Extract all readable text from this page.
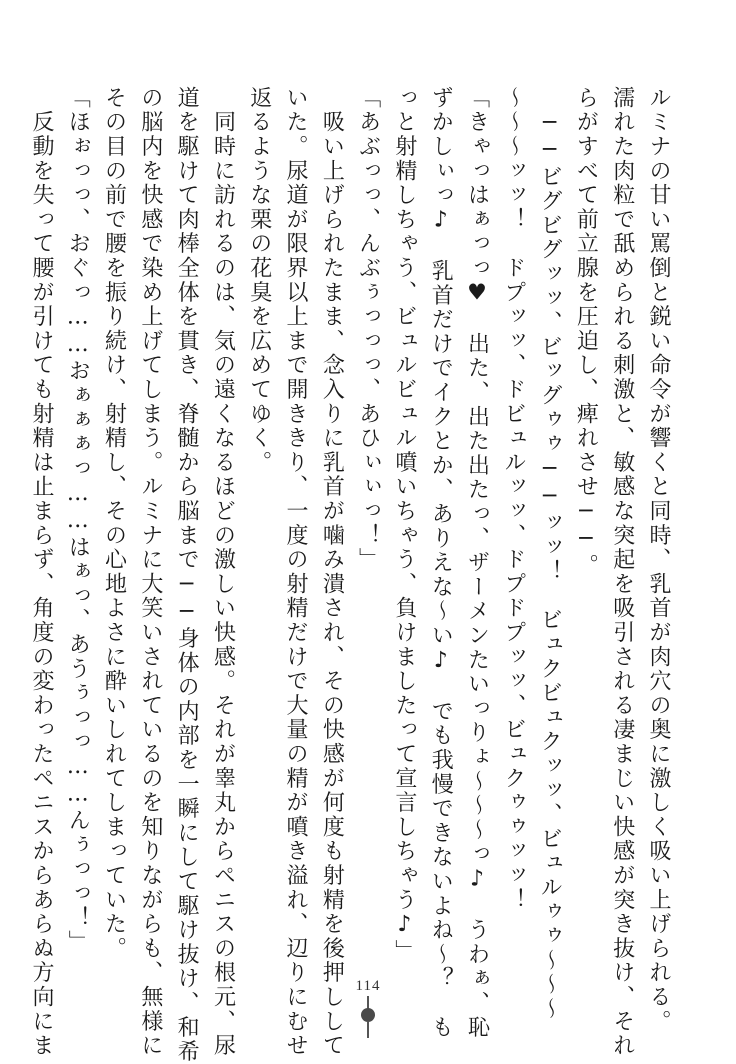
ルミナの甘い罵倒と鋭い命令が響くと同時、乳首が肉穴の奥に激しく吸い上げられる。
濡れた肉粒で舐められる刺激と、敏感な突起を吸引される凄まじい快感が突き抜け、それ
らがすべて前立腺を圧迫し、痺れさせ──。
　──ビグビグッッ、ビッグゥゥ──ッッ！　ビュクビュクッッ、ビュルゥゥ〜〜〜
〜〜〜ッッ！　ドプッッ、ドビュルッッ、ドプドプッッ、ビュクゥゥッッ！
「きゃっはぁっっ♥　出た、出た出たっ、ザーメンたいっりょ〜〜〜っ♪　うわぁ、恥
ずかしぃっ♪　乳首だけでイクとか、ありえな〜い♪　でも我慢できないよね〜？　も
っと射精しちゃう、ビュルビュル噴いちゃう、負けましたって宣言しちゃう♪」
「あぶっっ、んぶぅっっっ、あひぃぃっ！」
　吸い上げられたまま、念入りに乳首が噛み潰され、その快感が何度も射精を後押しして
いた。尿道が限界以上まで開ききり、一度の射精だけで大量の精が噴き溢れ、辺りにむせ
返るような栗の花臭を広めてゆく。
　同時に訪れるのは、気の遠くなるほどの激しい快感。それが睾丸からペニスの根元、尿
道を駆けて肉棒全体を貫き、脊髄から脳まで──身体の内部を一瞬にして駆け抜け、和希
の脳内を快感で染め上げてしまう。ルミナに大笑いされているのを知りながらも、無様に
その目の前で腰を振り続け、射精し、その心地よさに酔いしれてしまっていた。
「ほぉっっ、おぐっ……おぁぁぁっ……はぁっ、あうぅっっ……んぅっっ！」
　反動を失って腰が引けても射精は止まらず、角度の変わったペニスからあらぬ方向にま	114
